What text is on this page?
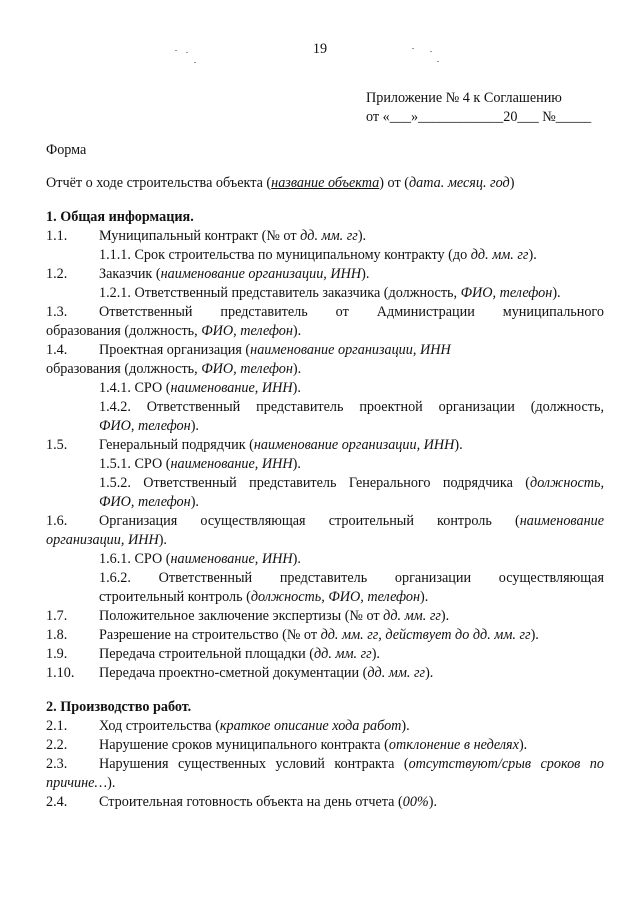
19
Приложение № 4 к Соглашению
от «___»____________20___ №_____
Форма
Отчёт о ходе строительства объекта (название объекта) от (дата. месяц. год)
1. Общая информация.
1.1. Муниципальный контракт (№ от дд. мм. гг).
1.1.1. Срок строительства по муниципальному контракту (до дд. мм. гг).
1.2. Заказчик (наименование организации, ИНН).
1.2.1. Ответственный представитель заказчика (должность, ФИО, телефон).
1.3. Ответственный представитель от Администрации муниципального
образования (должность, ФИО, телефон).
1.4. Проектная организация (наименование организации, ИНН
образования (должность, ФИО, телефон).
1.4.1. СРО (наименование, ИНН).
1.4.2. Ответственный представитель проектной организации (должность,
ФИО, телефон).
1.5. Генеральный подрядчик (наименование организации, ИНН).
1.5.1. СРО (наименование, ИНН).
1.5.2. Ответственный представитель Генерального подрядчика (должность,
ФИО, телефон).
1.6. Организация осуществляющая строительный контроль (наименование
организации, ИНН).
1.6.1. СРО (наименование, ИНН).
1.6.2. Ответственный представитель организации осуществляющая
строительный контроль (должность, ФИО, телефон).
1.7. Положительное заключение экспертизы (№ от дд. мм. гг).
1.8. Разрешение на строительство (№ от дд. мм. гг, действует до дд. мм. гг).
1.9. Передача строительной площадки (дд. мм. гг).
1.10. Передача проектно-сметной документации (дд. мм. гг).
2. Производство работ.
2.1. Ход строительства (краткое описание хода работ).
2.2. Нарушение сроков муниципального контракта (отклонение в неделях).
2.3. Нарушения существенных условий контракта (отсутствуют/срыв сроков по
причине…).
2.4. Строительная готовность объекта на день отчета (00%).
